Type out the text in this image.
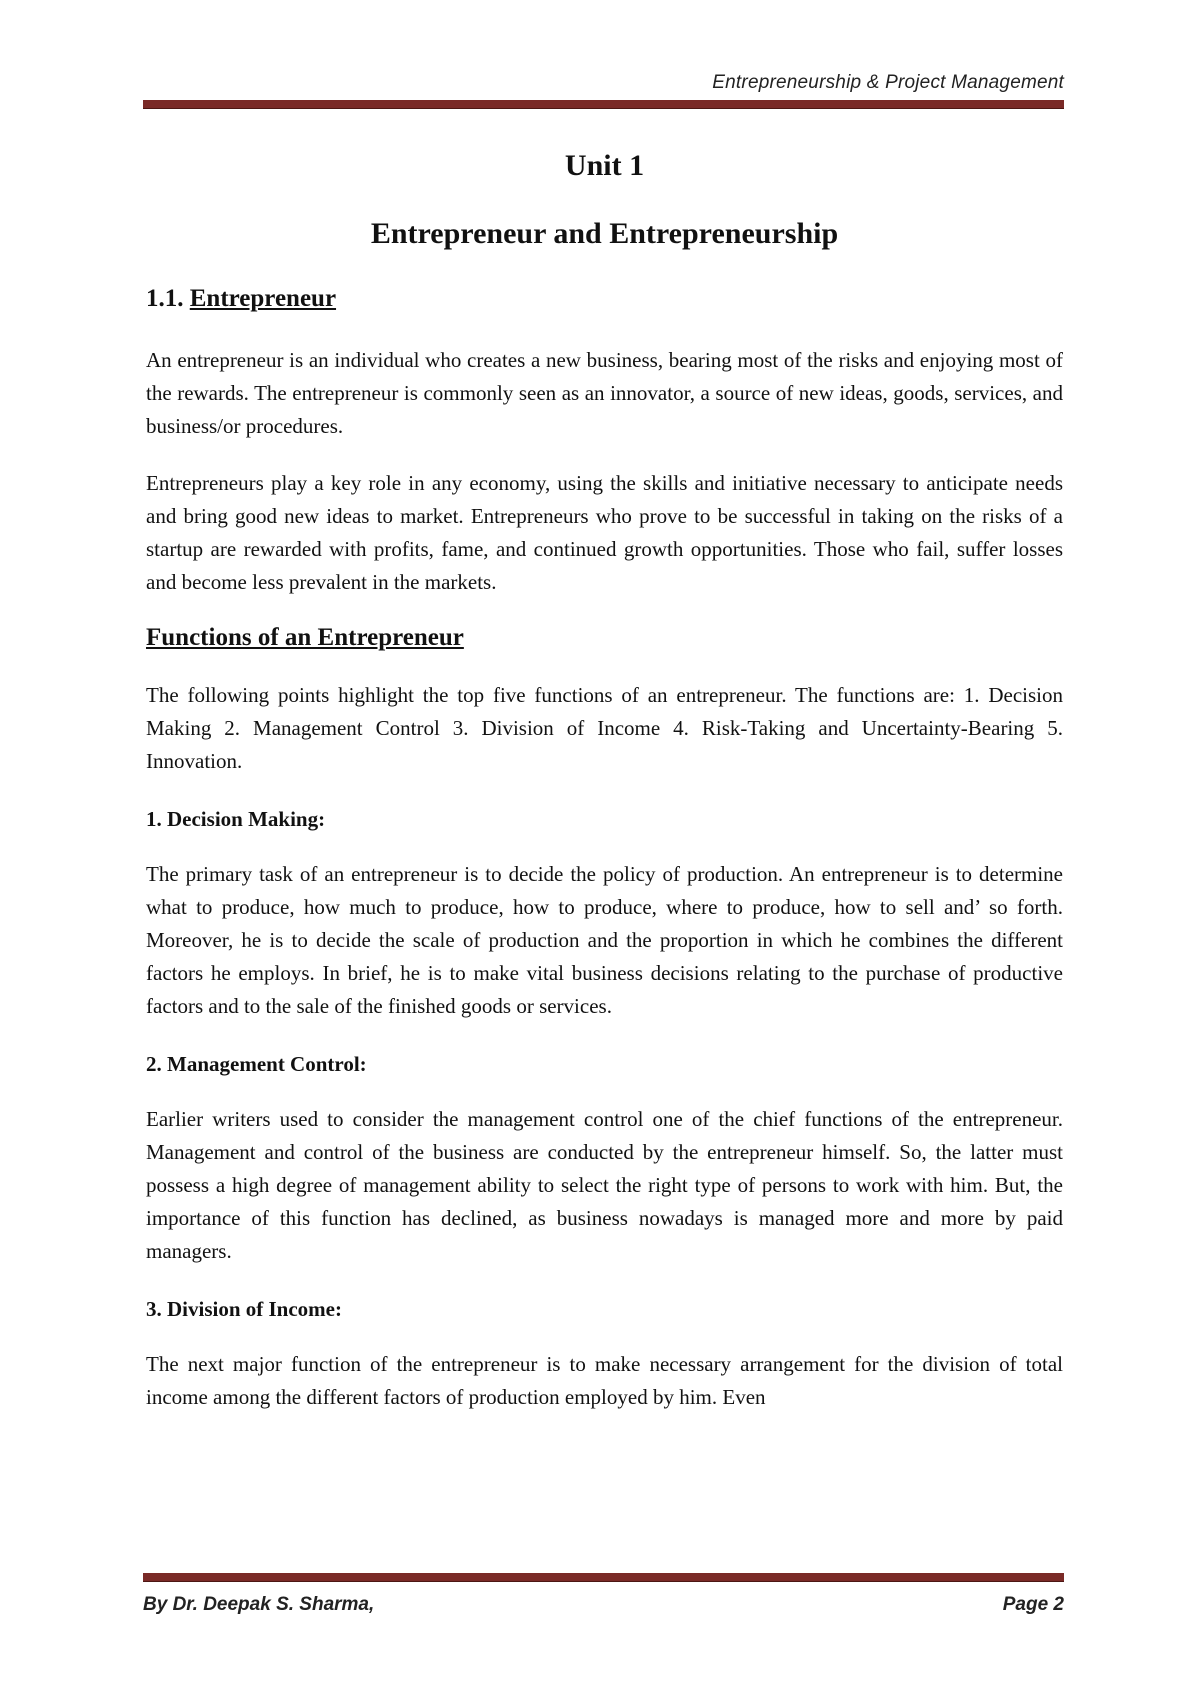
Entrepreneurship & Project Management
Unit 1
Entrepreneur and Entrepreneurship
1.1. Entrepreneur

An entrepreneur is an individual who creates a new business, bearing most of the risks and enjoying most of the rewards. The entrepreneur is commonly seen as an innovator, a source of new ideas, goods, services, and business/or procedures.

Entrepreneurs play a key role in any economy, using the skills and initiative necessary to anticipate needs and bring good new ideas to market. Entrepreneurs who prove to be successful in taking on the risks of a startup are rewarded with profits, fame, and continued growth opportunities. Those who fail, suffer losses and become less prevalent in the markets.

Functions of an Entrepreneur

The following points highlight the top five functions of an entrepreneur. The functions are: 1. Decision Making 2. Management Control 3. Division of Income 4. Risk-Taking and Uncertainty-Bearing 5. Innovation.

1. Decision Making:

The primary task of an entrepreneur is to decide the policy of production. An entrepreneur is to determine what to produce, how much to produce, how to produce, where to produce, how to sell and’ so forth. Moreover, he is to decide the scale of production and the proportion in which he combines the different factors he employs. In brief, he is to make vital business decisions relating to the purchase of productive factors and to the sale of the finished goods or services.

2. Management Control:

Earlier writers used to consider the management control one of the chief functions of the entrepreneur. Management and control of the business are conducted by the entrepreneur himself. So, the latter must possess a high degree of management ability to select the right type of persons to work with him. But, the importance of this function has declined, as business nowadays is managed more and more by paid managers.

3. Division of Income:

The next major function of the entrepreneur is to make necessary arrangement for the division of total income among the different factors of production employed by him. Even

By Dr. Deepak S. Sharma,	Page 2
